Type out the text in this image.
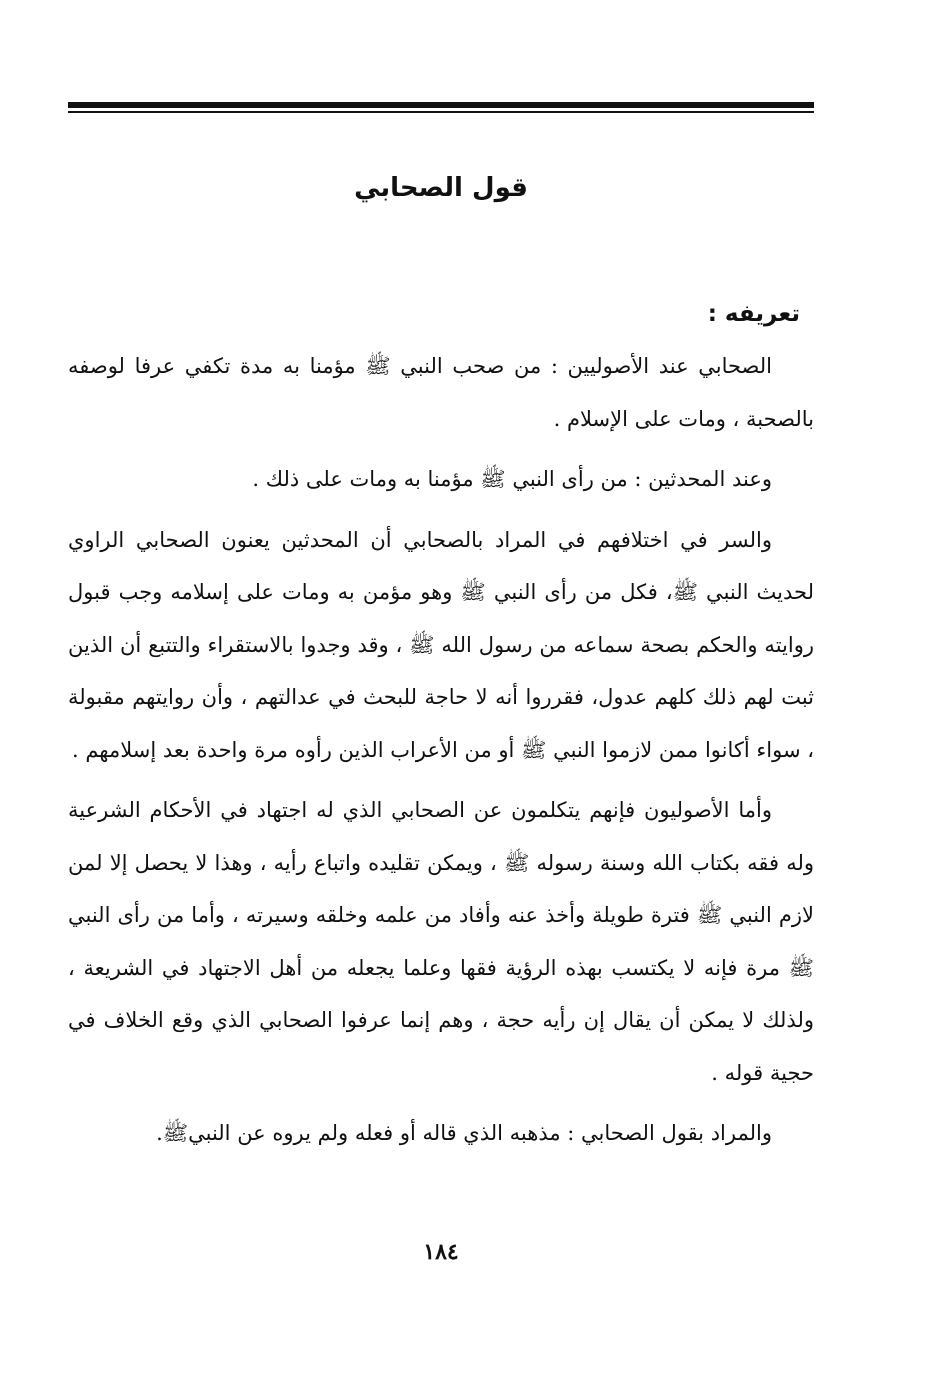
قول الصحابي
تعريفه :

الصحابي عند الأصوليين : من صحب النبي ﷺ مؤمنا به مدة تكفي عرفا لوصفه بالصحبة ، ومات على الإسلام .

وعند المحدثين : من رأى النبي ﷺ مؤمنا به ومات على ذلك .

والسر في اختلافهم في المراد بالصحابي أن المحدثين يعنون الصحابي الراوي لحديث النبي ﷺ، فكل من رأى النبي ﷺ وهو مؤمن به ومات على إسلامه وجب قبول روايته والحكم بصحة سماعه من رسول الله ﷺ ، وقد وجدوا بالاستقراء والتتبع أن الذين ثبت لهم ذلك كلهم عدول، فقرروا أنه لا حاجة للبحث في عدالتهم ، وأن روايتهم مقبولة ، سواء أكانوا ممن لازموا النبي ﷺ أو من الأعراب الذين رأوه مرة واحدة بعد إسلامهم .

وأما الأصوليون فإنهم يتكلمون عن الصحابي الذي له اجتهاد في الأحكام الشرعية وله فقه بكتاب الله وسنة رسوله ﷺ ، ويمكن تقليده واتباع رأيه ، وهذا لا يحصل إلا لمن لازم النبي ﷺ فترة طويلة وأخذ عنه وأفاد من علمه وخلقه وسيرته ، وأما من رأى النبي ﷺ مرة فإنه لا يكتسب بهذه الرؤية فقها وعلما يجعله من أهل الاجتهاد في الشريعة ، ولذلك لا يمكن أن يقال إن رأيه حجة ، وهم إنما عرفوا الصحابي الذي وقع الخلاف في حجية قوله .

والمراد بقول الصحابي : مذهبه الذي قاله أو فعله ولم يروه عن النبيﷺ.

١٨٤
